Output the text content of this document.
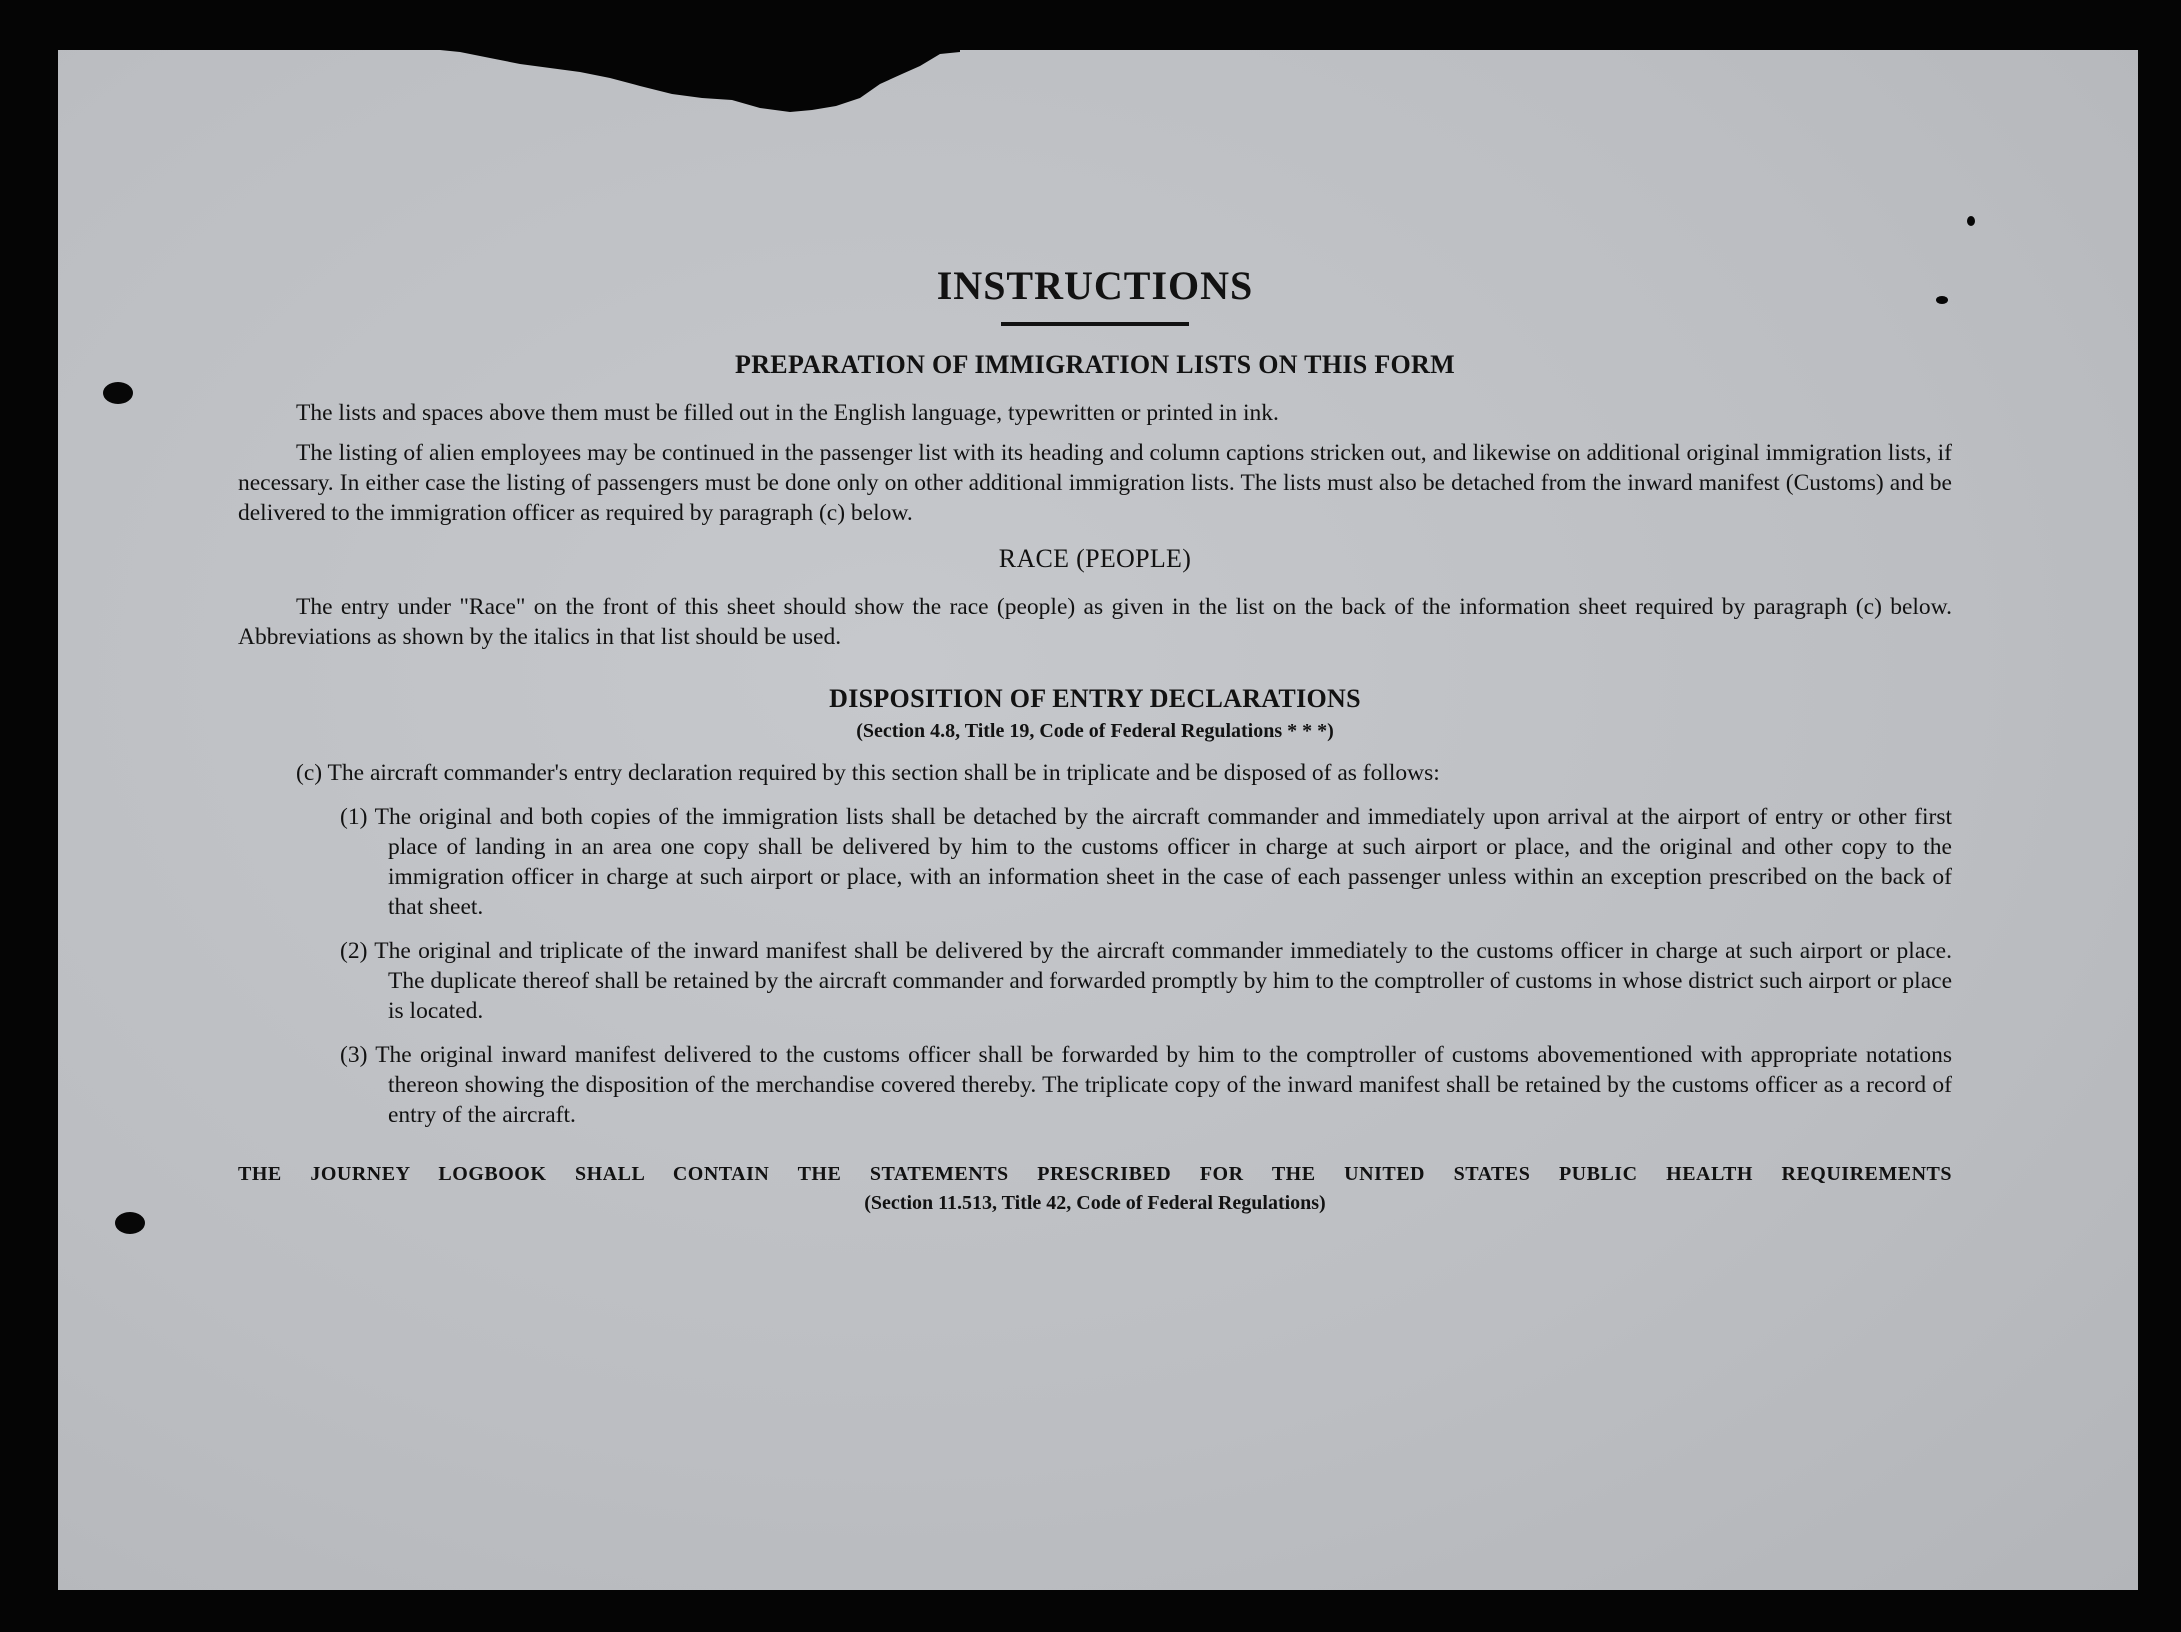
INSTRUCTIONS
PREPARATION OF IMMIGRATION LISTS ON THIS FORM

The lists and spaces above them must be filled out in the English language, typewritten or printed in ink.

The listing of alien employees may be continued in the passenger list with its heading and column captions stricken out, and likewise on additional original immigration lists, if necessary. In either case the listing of passengers must be done only on other additional immigration lists. The lists must also be detached from the inward manifest (Customs) and be delivered to the immigration officer as required by paragraph (c) below.

RACE (PEOPLE)

The entry under "Race" on the front of this sheet should show the race (people) as given in the list on the back of the information sheet required by paragraph (c) below. Abbreviations as shown by the italics in that list should be used.

DISPOSITION OF ENTRY DECLARATIONS
(Section 4.8, Title 19, Code of Federal Regulations * * *)

(c) The aircraft commander's entry declaration required by this section shall be in triplicate and be disposed of as follows:

(1) The original and both copies of the immigration lists shall be detached by the aircraft commander and immediately upon arrival at the airport of entry or other first place of landing in an area one copy shall be delivered by him to the customs officer in charge at such airport or place, and the original and other copy to the immigration officer in charge at such airport or place, with an information sheet in the case of each passenger unless within an exception prescribed on the back of that sheet.

(2) The original and triplicate of the inward manifest shall be delivered by the aircraft commander immediately to the customs officer in charge at such airport or place. The duplicate thereof shall be retained by the aircraft commander and forwarded promptly by him to the comptroller of customs in whose district such airport or place is located.

(3) The original inward manifest delivered to the customs officer shall be forwarded by him to the comptroller of customs abovementioned with appropriate notations thereon showing the disposition of the merchandise covered thereby. The triplicate copy of the inward manifest shall be retained by the customs officer as a record of entry of the aircraft.

THE JOURNEY LOGBOOK SHALL CONTAIN THE STATEMENTS PRESCRIBED FOR THE UNITED STATES PUBLIC HEALTH REQUIREMENTS

(Section 11.513, Title 42, Code of Federal Regulations)
